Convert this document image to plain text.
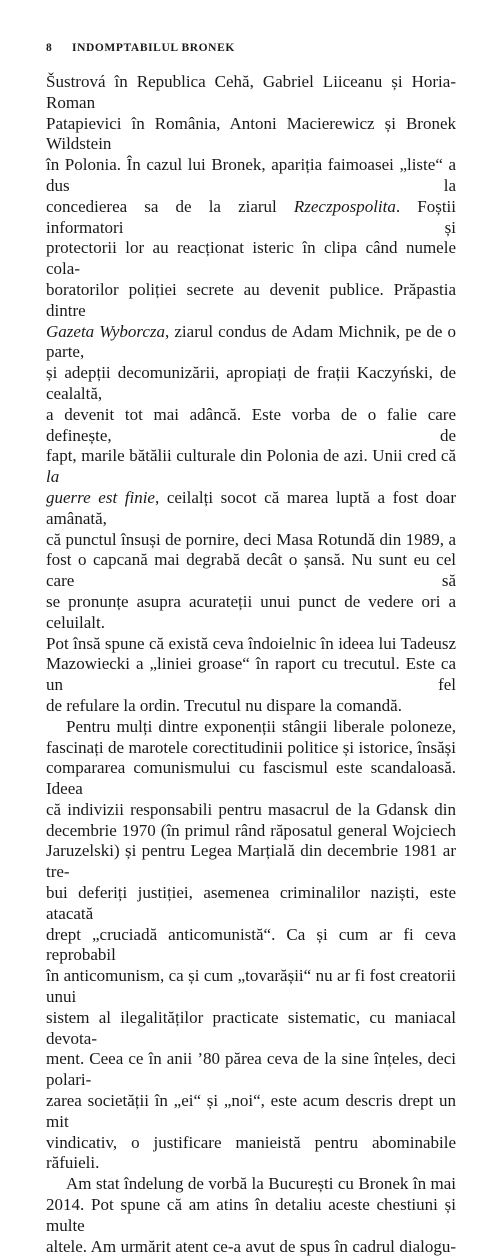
8 INDOMPTABILUL BRONEK

Šustrová în Republica Cehă, Gabriel Liiceanu și Horia-Roman

Patapievici în România, Antoni Macierewicz și Bronek Wildstein

în Polonia. În cazul lui Bronek, apariția faimoasei „liste“ a dus la

concedierea sa de la ziarul Rzeczpospolita. Foștii informatori și

protectorii lor au reacționat isteric în clipa când numele cola-

boratorilor poliției secrete au devenit publice. Prăpastia dintre

Gazeta Wyborcza, ziarul condus de Adam Michnik, pe de o parte,

și adepții decomunizării, apropiați de frații Kaczyński, de cealaltă,

a devenit tot mai adâncă. Este vorba de o falie care definește, de

fapt, marile bătălii culturale din Polonia de azi. Unii cred că la

guerre est finie, ceilalți socot că marea luptă a fost doar amânată,

că punctul însuși de pornire, deci Masa Rotundă din 1989, a

fost o capcană mai degrabă decât o șansă. Nu sunt eu cel care să

se pronunțe asupra acurateții unui punct de vedere ori a celuilalt.

Pot însă spune că există ceva îndoielnic în ideea lui Tadeusz

Mazowiecki a „liniei groase“ în raport cu trecutul. Este ca un fel

de refulare la ordin. Trecutul nu dispare la comandă.

Pentru mulți dintre exponenții stângii liberale poloneze,

fascinați de marotele corectitudinii politice și istorice, însăși

compararea comunismului cu fascismul este scandaloasă. Ideea

că indivizii responsabili pentru masacrul de la Gdansk din

decembrie 1970 (în primul rând răposatul general Wojciech

Jaruzelski) și pentru Legea Marțială din decembrie 1981 ar tre-

bui deferiți justiției, asemenea criminalilor naziști, este atacată

drept „cruciadă anticomunistă“. Ca și cum ar fi ceva reprobabil

în anticomunism, ca și cum „tovarășii“ nu ar fi fost creatorii unui

sistem al ilegalităților practicate sistematic, cu maniacal devota-

ment. Ceea ce în anii ’80 părea ceva de la sine înțeles, deci polari-

zarea societății în „ei“ și „noi“, este acum descris drept un mit

vindicativ, o justificare manieistă pentru abominabile răfuieli.

Am stat îndelung de vorbă la București cu Bronek în mai

2014. Pot spune că am atins în detaliu aceste chestiuni și multe

altele. Am urmărit atent ce-a avut de spus în cadrul dialogu-
